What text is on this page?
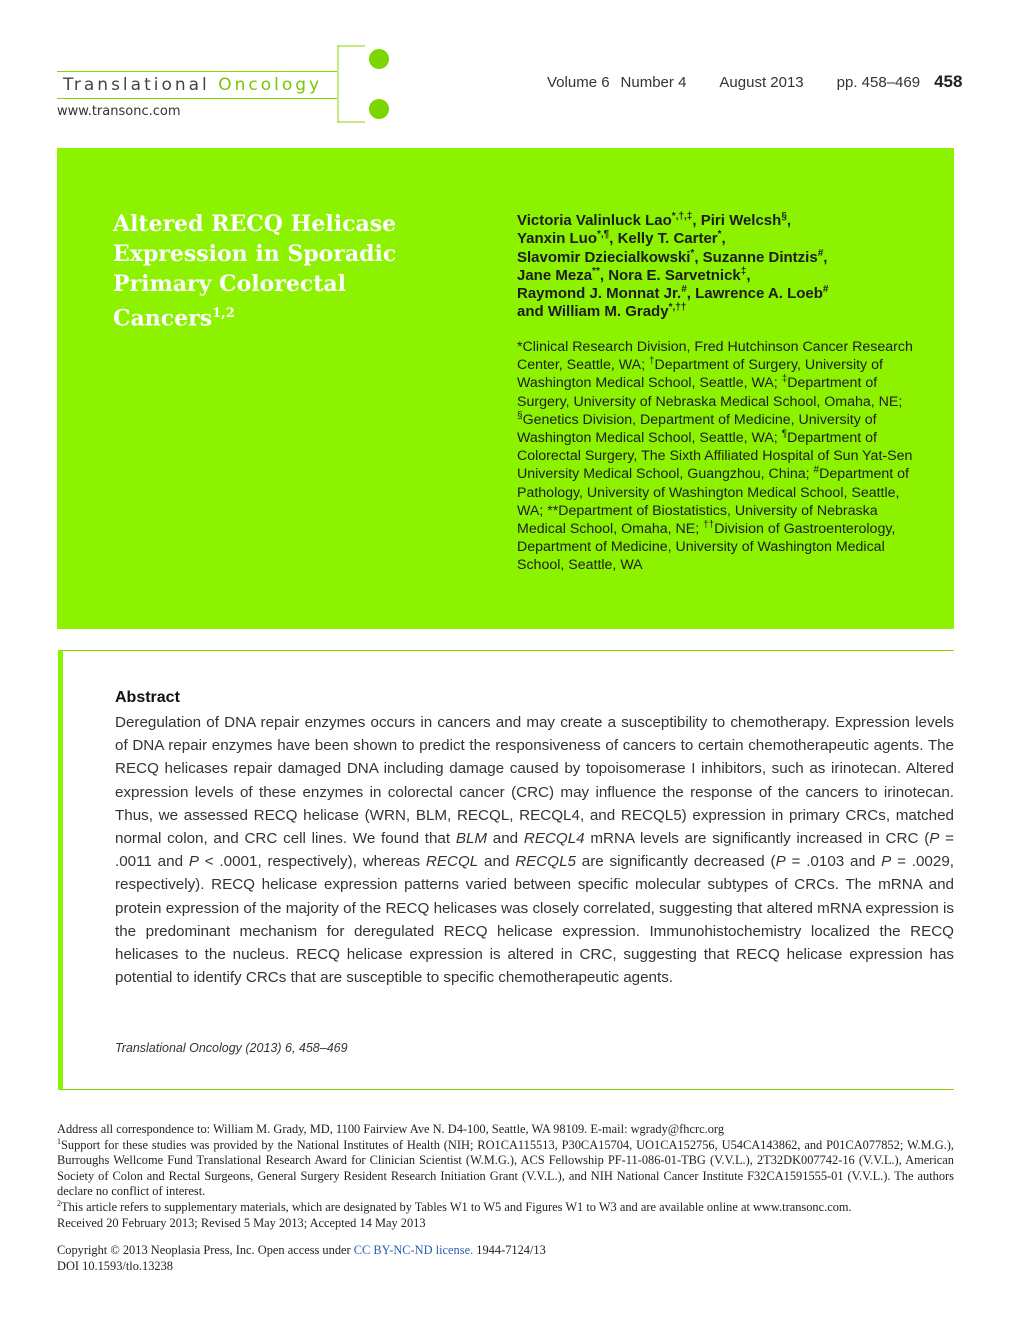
Translational Oncology
www.transonc.com
Volume 6 Number 4 August 2013 pp. 458–469 458
Altered RECQ Helicase
Expression in Sporadic
Primary Colorectal Cancers$^{1,2}$
Victoria Valinluck Lao*,†,‡, Piri Welcsh§,
Yanxin Luo*,¶, Kelly T. Carter*,
Slavomir Dziecialkowski*, Suzanne Dintzis#,
Jane Meza**, Nora E. Sarvetnick‡,
Raymond J. Monnat Jr.#, Lawrence A. Loeb#
and William M. Grady*,††
*Clinical Research Division, Fred Hutchinson Cancer Research Center, Seattle, WA; †Department of Surgery, University of Washington Medical School, Seattle, WA; ‡Department of Surgery, University of Nebraska Medical School, Omaha, NE; §Genetics Division, Department of Medicine, University of Washington Medical School, Seattle, WA; ¶Department of Colorectal Surgery, The Sixth Affiliated Hospital of Sun Yat-Sen University Medical School, Guangzhou, China; #Department of Pathology, University of Washington Medical School, Seattle, WA; **Department of Biostatistics, University of Nebraska Medical School, Omaha, NE; ††Division of Gastroenterology, Department of Medicine, University of Washington Medical School, Seattle, WA
Abstract
Deregulation of DNA repair enzymes occurs in cancers and may create a susceptibility to chemotherapy. Expression levels of DNA repair enzymes have been shown to predict the responsiveness of cancers to certain chemotherapeutic agents. The RECQ helicases repair damaged DNA including damage caused by topoisomerase I inhibitors, such as irinotecan. Altered expression levels of these enzymes in colorectal cancer (CRC) may influence the response of the cancers to irinotecan. Thus, we assessed RECQ helicase (WRN, BLM, RECQL, RECQL4, and RECQL5) expression in primary CRCs, matched normal colon, and CRC cell lines. We found that BLM and RECQL4 mRNA levels are significantly increased in CRC (P = .0011 and P < .0001, respectively), whereas RECQL and RECQL5 are significantly decreased (P = .0103 and P = .0029, respectively). RECQ helicase expression patterns varied between specific molecular subtypes of CRCs. The mRNA and protein expression of the majority of the RECQ helicases was closely correlated, suggesting that altered mRNA expression is the predominant mechanism for deregulated RECQ helicase expression. Immunohistochemistry localized the RECQ helicases to the nucleus. RECQ helicase expression is altered in CRC, suggesting that RECQ helicase expression has potential to identify CRCs that are susceptible to specific chemotherapeutic agents.
Translational Oncology (2013) 6, 458–469

Address all correspondence to: William M. Grady, MD, 1100 Fairview Ave N. D4-100, Seattle, WA 98109. E-mail: wgrady@fhcrc.org

$^1$Support for these studies was provided by the National Institutes of Health (NIH; RO1CA115513, P30CA15704, UO1CA152756, U54CA143862, and P01CA077852; W.M.G.), Burroughs Wellcome Fund Translational Research Award for Clinician Scientist (W.M.G.), ACS Fellowship PF-11-086-01-TBG (V.V.L.), 2T32DK007742-16 (V.V.L.), American Society of Colon and Rectal Surgeons, General Surgery Resident Research Initiation Grant (V.V.L.), and NIH National Cancer Institute F32CA1591555-01 (V.V.L.). The authors declare no conflict of interest.

$^2$This article refers to supplementary materials, which are designated by Tables W1 to W5 and Figures W1 to W3 and are available online at www.transonc.com.

Received 20 February 2013; Revised 5 May 2013; Accepted 14 May 2013

Copyright © 2013 Neoplasia Press, Inc. Open access under CC BY-NC-ND license. 1944-7124/13

DOI 10.1593/tlo.13238
